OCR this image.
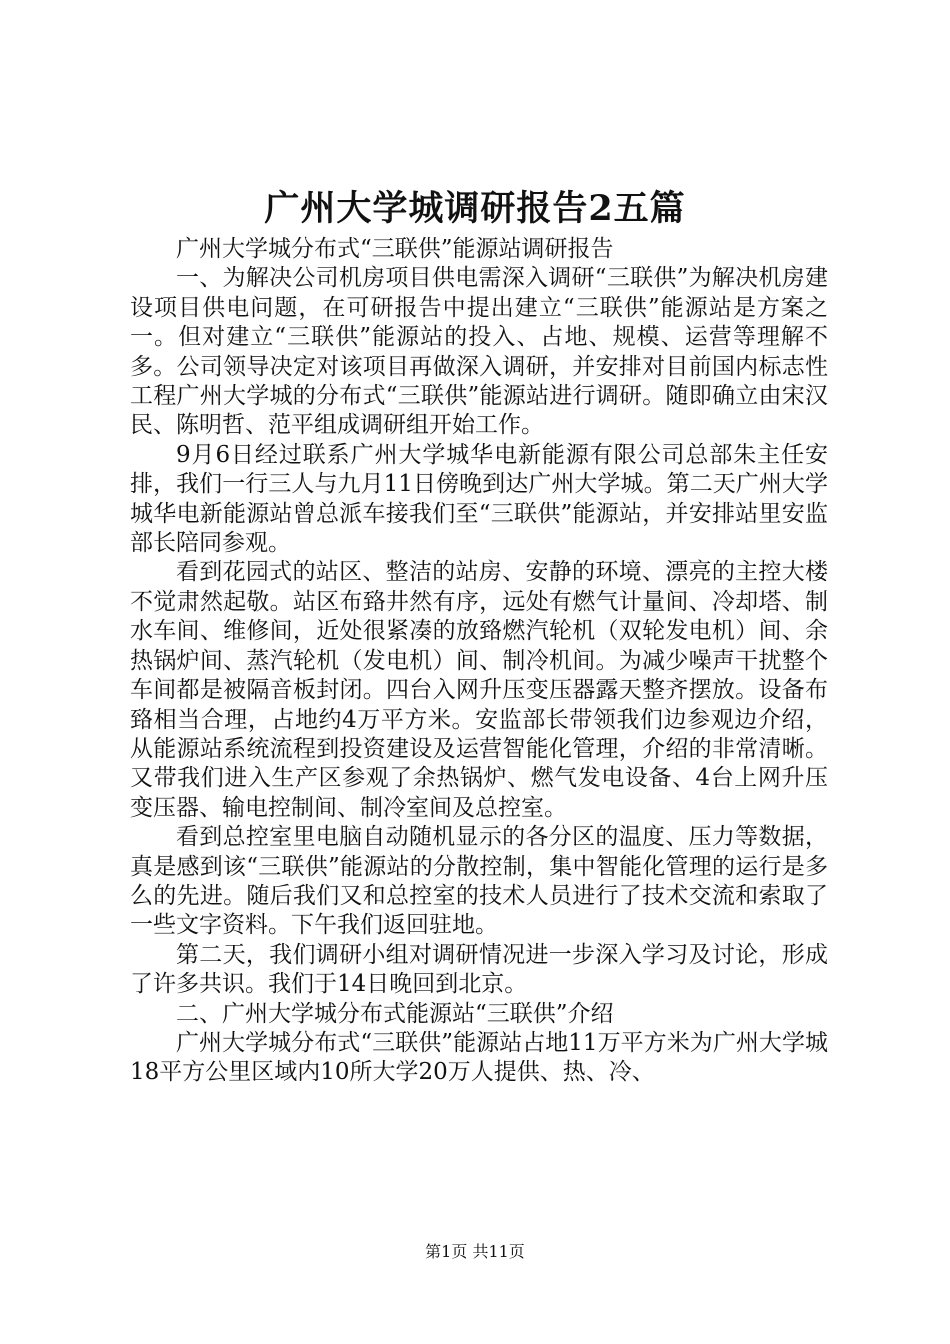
广州大学城调研报告2五篇

广州大学城分布式“三联供”能源站调研报告

一、为解决公司机房项目供电需深入调研“三联供”为解决机房建设项目供电问题，在可研报告中提出建立“三联供”能源站是方案之一。但对建立“三联供”能源站的投入、占地、规模、运营等理解不多。公司领导决定对该项目再做深入调研，并安排对目前国内标志性工程广州大学城的分布式“三联供”能源站进行调研。随即确立由宋汉民、陈明哲、范平组成调研组开始工作。

9月6日经过联系广州大学城华电新能源有限公司总部朱主任安排，我们一行三人与九月11日傍晚到达广州大学城。第二天广州大学城华电新能源站曾总派车接我们至“三联供”能源站，并安排站里安监部长陪同参观。

看到花园式的站区、整洁的站房、安静的环境、漂亮的主控大楼不觉肃然起敬。站区布臵井然有序，远处有燃气计量间、冷却塔、制水车间、维修间，近处很紧凑的放臵燃汽轮机（双轮发电机）间、余热锅炉间、蒸汽轮机（发电机）间、制冷机间。为减少噪声干扰整个车间都是被隔音板封闭。四台入网升压变压器露天整齐摆放。设备布臵相当合理，占地约4万平方米。安监部长带领我们边参观边介绍，从能源站系统流程到投资建设及运营智能化管理，介绍的非常清晰。又带我们进入生产区参观了余热锅炉、燃气发电设备、4台上网升压变压器、输电控制间、制冷室间及总控室。

看到总控室里电脑自动随机显示的各分区的温度、压力等数据，真是感到该“三联供”能源站的分散控制，集中智能化管理的运行是多么的先进。随后我们又和总控室的技术人员进行了技术交流和索取了一些文字资料。下午我们返回驻地。

第二天，我们调研小组对调研情况进一步深入学习及讨论，形成了许多共识。我们于14日晚回到北京。

二、广州大学城分布式能源站“三联供”介绍

广州大学城分布式“三联供”能源站占地11万平方米为广州大学城18平方公里区域内10所大学20万人提供、热、冷、

第1页 共11页
